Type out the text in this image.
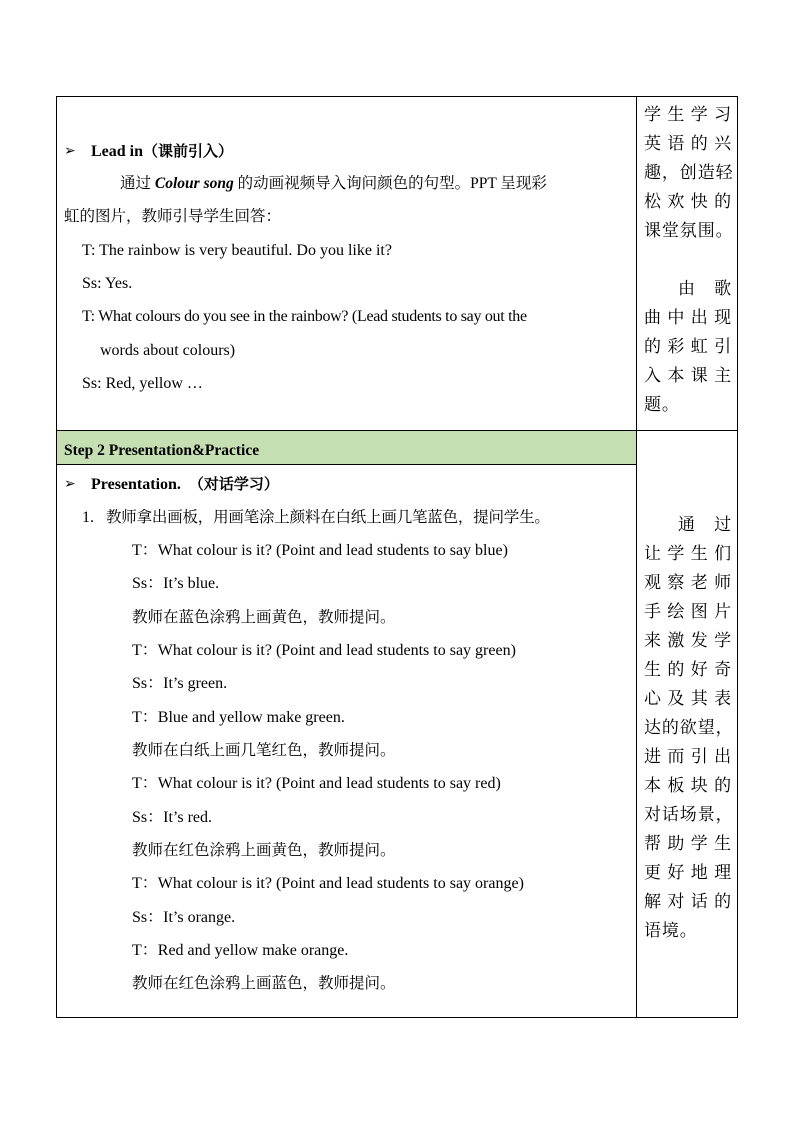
➢ Lead in（课前引入）
通过 Colour song 的动画视频导入询问颜色的句型。PPT 呈现彩
虹的图片，教师引导学生回答：
T: The rainbow is very beautiful. Do you like it?
Ss: Yes.
T: What colours do you see in the rainbow? (Lead students to say out the
words about colours)
Ss: Red, yellow …
学生学习
英语的兴
趣，创造轻
松欢快的
课堂氛围。
由歌
曲中出现
的彩虹引
入本课主
题。
Step 2 Presentation&Practice
➢ Presentation. （对话学习）
1. 教师拿出画板，用画笔涂上颜料在白纸上画几笔蓝色，提问学生。
T：What colour is it? (Point and lead students to say blue)
Ss：It’s blue.
教师在蓝色涂鸦上画黄色，教师提问。
T：What colour is it? (Point and lead students to say green)
Ss：It’s green.
T：Blue and yellow make green.
教师在白纸上画几笔红色，教师提问。
T：What colour is it? (Point and lead students to say red)
Ss：It’s red.
教师在红色涂鸦上画黄色，教师提问。
T：What colour is it? (Point and lead students to say orange)
Ss：It’s orange.
T：Red and yellow make orange.
教师在红色涂鸦上画蓝色，教师提问。
通过
让学生们
观察老师
手绘图片
来激发学
生的好奇
心及其表
达的欲望，
进而引出
本板块的
对话场景，
帮助学生
更好地理
解对话的
语境。
